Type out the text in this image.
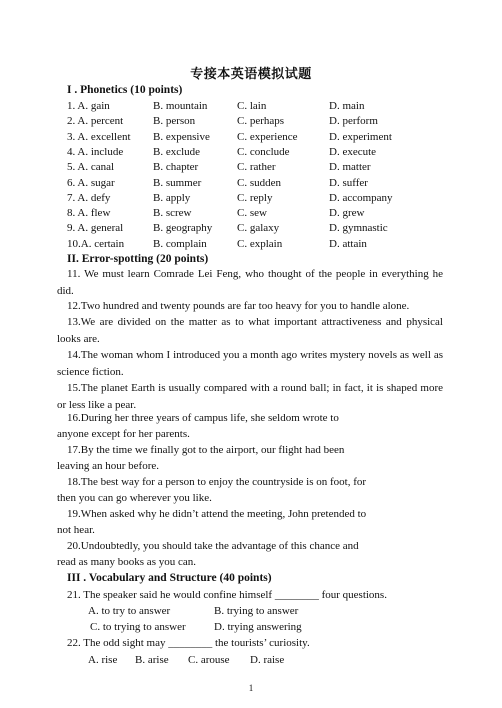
专接本英语模拟试题
I . Phonetics (10 points)
1. A. gain	B. mountain	C. lain	D. main
2. A. percent	B. person	C. perhaps	D. perform
3. A. excellent B. expensive C. experience	D. experiment
4. A. include	B. exclude	C. conclude	D. execute
5. A. canal	B. chapter	C. rather	D. matter
6. A. sugar	B. summer	C. sudden	D. suffer
7. A. defy	B. apply	C. reply	D. accompany
8. A. flew	B. screw	C. sew	D. grew
9. A. general	B. geography C. galaxy	D. gymnastic
10.A. certain	B. complain	C. explain	D. attain
II. Error-spotting (20 points)
11. We must learn Comrade Lei Feng, who thought of the people in everything he did.
12.Two hundred and twenty pounds are far too heavy for you to handle alone.
13.We are divided on the matter as to what important attractiveness and physical looks are.
14.The woman whom I introduced you a month ago writes mystery novels as well as science fiction.
15.The planet Earth is usually compared with a round ball; in fact, it is shaped more or less like a pear.
16.During her three years of campus life, she seldom wrote to
anyone except for her parents.
17.By the time we finally got to the airport, our flight had been
leaving an hour before.
18.The best way for a person to enjoy the countryside is on foot, for
then you can go wherever you like.
19.When asked why he didn’t attend the meeting, John pretended to
not hear.
20.Undoubtedly, you should take the advantage of this chance and
read as many books as you can.
III . Vocabulary and Structure (40 points)
21. The speaker said he would confine himself ________ four questions.
A. to try to answer	B. trying to answer
C. to trying to answer	D. trying answering
22. The odd sight may ________ the tourists’ curiosity.
A. rise B. arise C. arouse D. raise
1
